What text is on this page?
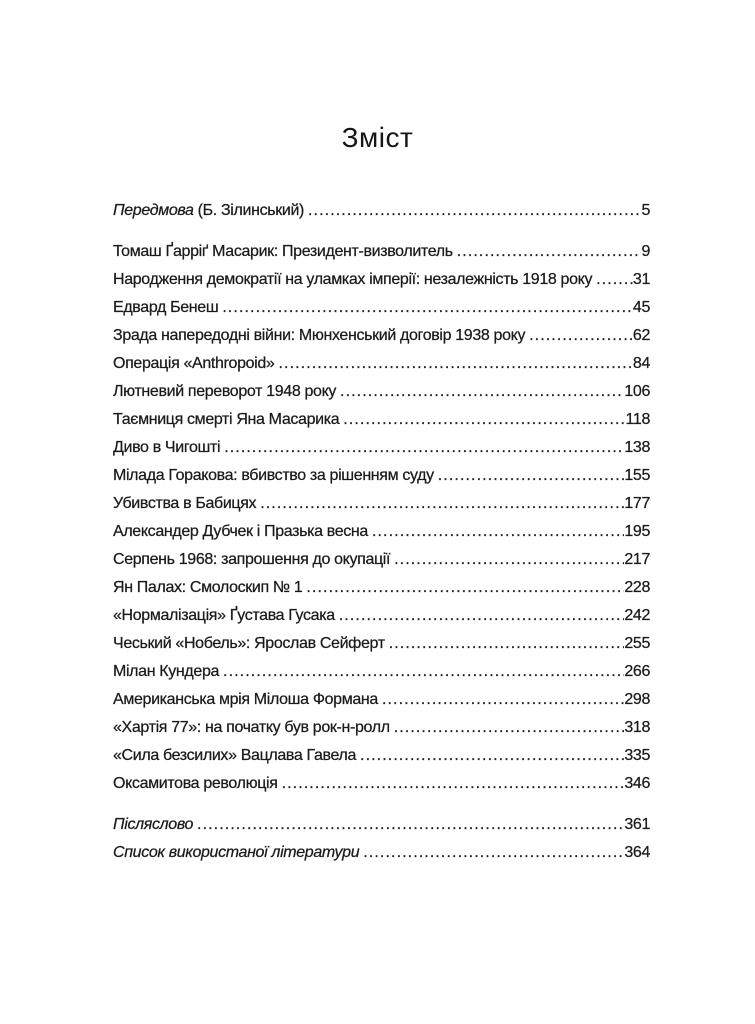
Зміст
Передмова (Б. Зілинський) .....	5
Томаш Ґарріґ Масарик: Президент-визволитель .....	9
Народження демократії на уламках імперії: незалежність 1918 року .....	31
Едвард Бенеш .....	45
Зрада напередодні війни: Мюнхенський договір 1938 року .....	62
Операція «Anthropoid» .....	84
Лютневий переворот 1948 року .....	106
Таємниця смерті Яна Масарика .....	118
Диво в Чигошті .....	138
Мілада Горакова: вбивство за рішенням суду .....	155
Убивства в Бабицях .....	177
Александер Дубчек і Празька весна .....	195
Серпень 1968: запрошення до окупації .....	217
Ян Палах: Смолоскип № 1 .....	228
«Нормалізація» Ґустава Гусака .....	242
Чеський «Нобель»: Ярослав Сейферт .....	255
Мілан Кундера .....	266
Американська мрія Мілоша Формана .....	298
«Хартія 77»: на початку був рок-н-ролл .....	318
«Сила безсилих» Вацлава Гавела .....	335
Оксамитова революція .....	346
Післяслово .....	361
Список використаної літератури .....	364
